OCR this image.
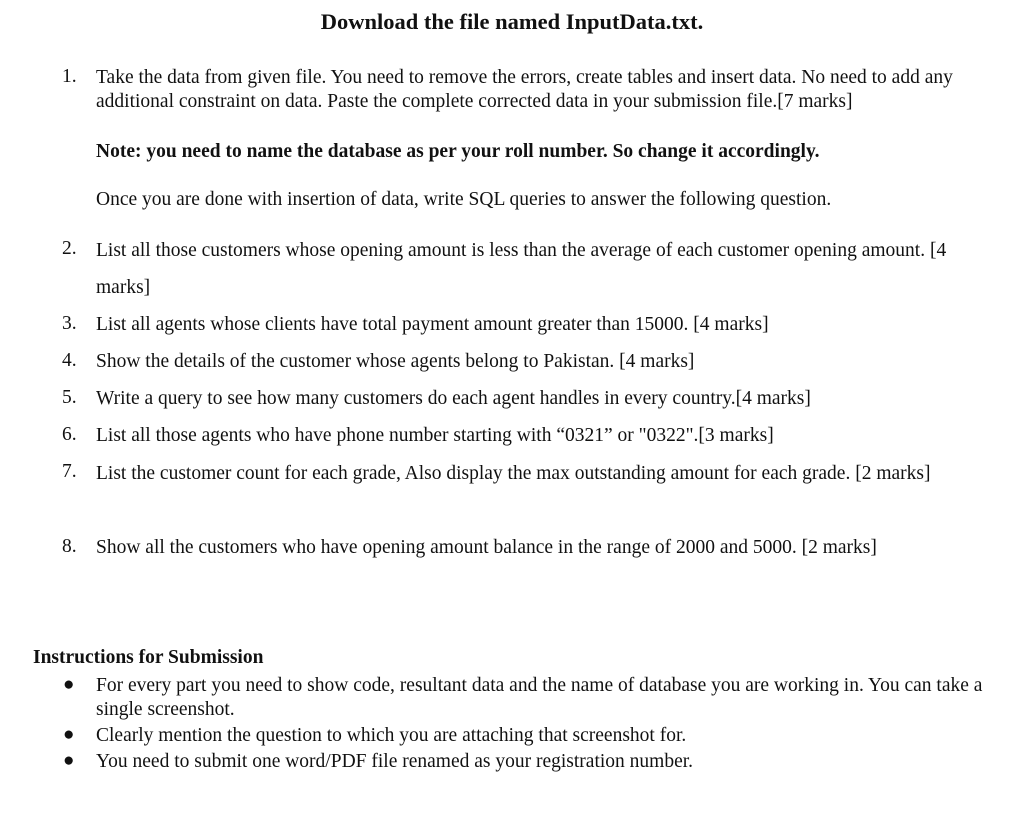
Download the file named InputData.txt.
1. Take the data from given file. You need to remove the errors, create tables and insert data. No need to add any additional constraint on data. Paste the complete corrected data in your submission file.[7 marks]
Note: you need to name the database as per your roll number. So change it accordingly.
Once you are done with insertion of data, write SQL queries to answer the following question.
2. List all those customers whose opening amount is less than the average of each customer opening amount. [4 marks]
3. List all agents whose clients have total payment amount greater than 15000. [4 marks]
4. Show the details of the customer whose agents belong to Pakistan. [4 marks]
5. Write a query to see how many customers do each agent handles in every country.[4 marks]
6. List all those agents who have phone number starting with “0321” or "0322".[3 marks]
7. List the customer count for each grade, Also display the max outstanding amount for each grade. [2 marks]
8. Show all the customers who have opening amount balance in the range of 2000 and 5000. [2 marks]
Instructions for Submission
● For every part you need to show code, resultant data and the name of database you are working in. You can take a single screenshot.
● Clearly mention the question to which you are attaching that screenshot for.
● You need to submit one word/PDF file renamed as your registration number.
